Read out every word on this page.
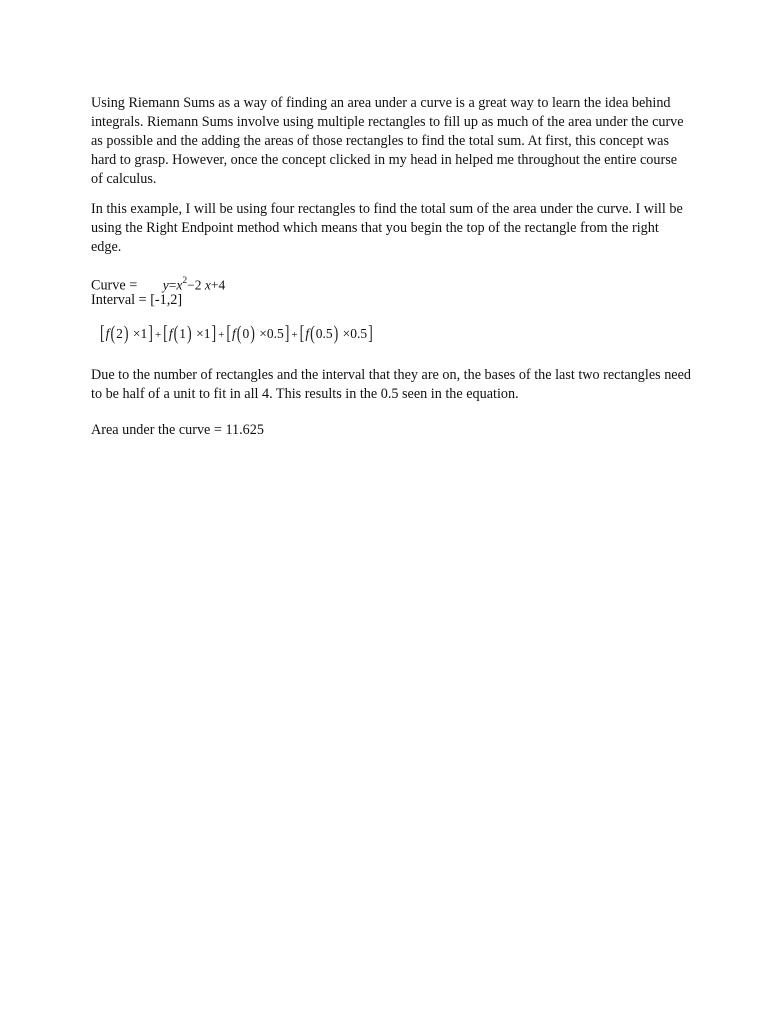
Using Riemann Sums as a way of finding an area under a curve is a great way to learn the idea behind integrals. Riemann Sums involve using multiple rectangles to fill up as much of the area under the curve as possible and the adding the areas of those rectangles to find the total sum. At first, this concept was hard to grasp. However, once the concept clicked in my head in helped me throughout the entire course of calculus.

In this example, I will be using four rectangles to find the total sum of the area under the curve. I will be using the Right Endpoint method which means that you begin the top of the rectangle from the right edge.

Curve = $y=x^2-2$ x+4
Interval = [-1,2]
[f(2) ×1] + [f(1) ×1] + [f(0) ×0.5] + [f(0.5) ×0.5]

Due to the number of rectangles and the interval that they are on, the bases of the last two rectangles need to be half of a unit to fit in all 4. This results in the 0.5 seen in the equation.

Area under the curve = 11.625
